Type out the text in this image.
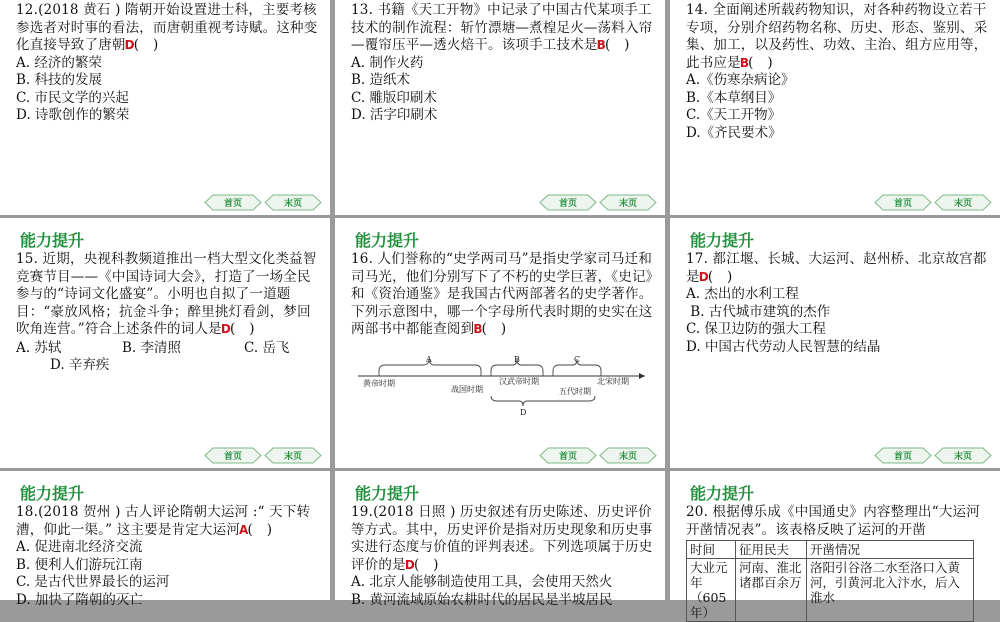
12.(2018 黄石 ) 隋朝开始设置进士科，主要考核参选者对时事的看法，而唐朝重视考诗赋。这种变化直接导致了唐朝D(　)
A. 经济的繁荣
B. 科技的发展
C. 市民文学的兴起
D. 诗歌创作的繁荣
首页	末页
13. 书籍《天工开物》中记录了中国古代某项手工技术的制作流程：斩竹漂塘—煮楻足火—荡料入帘—覆帘压平—透火焙干。该项手工技术是B(　)
A. 制作火药
B. 造纸术
C. 雕版印刷术
D. 活字印刷术
首页	末页
14. 全面阐述所载药物知识，对各种药物设立若干专项，分别介绍药物名称、历史、形态、鉴别、采集、加工，以及药性、功效、主治、组方应用等，此书应是B(　)
A.《伤寒杂病论》
B.《本草纲目》
C.《天工开物》
D.《齐民要术》
首页	末页
能力提升
15. 近期，央视科教频道推出一档大型文化类益智竞赛节目——《中国诗词大会》，打造了一场全民参与的“诗词文化盛宴”。小明也自拟了一道题目：“豪放风格；抗金斗争；醉里挑灯看剑，梦回吹角连营。”符合上述条件的词人是D(　)
A. 苏轼	B. 李清照	C. 岳飞
D. 辛弃疾
首页	末页
能力提升
16. 人们誉称的“史学两司马”是指史学家司马迁和司马光，他们分别写下了不朽的史学巨著，《史记》和《资治通鉴》是我国古代两部著名的史学著作。下列示意图中，哪一个字母所代表时期的史实在这两部书中都能查阅到B(　)
A	B	C
黄帝时期
战国时期
汉武帝时期
五代时期
北宋时期
D
首页	末页
能力提升
17. 都江堰、长城、大运河、赵州桥、北京故宫都是D(　)
A. 杰出的水利工程
B. 古代城市建筑的杰作
C. 保卫边防的强大工程
D. 中国古代劳动人民智慧的结晶
首页	末页
能力提升
18.(2018 贺州 ) 古人评论隋朝大运河 :“ 天下转漕，仰此一渠。” 这主要是肯定大运河A(　)
A. 促进南北经济交流
B. 便利人们游玩江南
C. 是古代世界最长的运河
D. 加快了隋朝的灭亡
能力提升
19.(2018 日照 ) 历史叙述有历史陈述、历史评价等方式。其中，历史评价是指对历史现象和历史事实进行态度与价值的评判表述。下列选项属于历史评价的是D(　)
A. 北京人能够制造使用工具，会使用天然火
B. 黄河流域原始农耕时代的居民是半坡居民
能力提升
20. 根据傅乐成《中国通史》内容整理出“大运河开凿情况表”。该表格反映了运河的开凿
时间	征用民夫	开凿情况
大业元年（605年）	河南、淮北诸郡百余万	洛阳引谷洛二水至洛口入黄河，引黄河北入汴水，后入淮水
